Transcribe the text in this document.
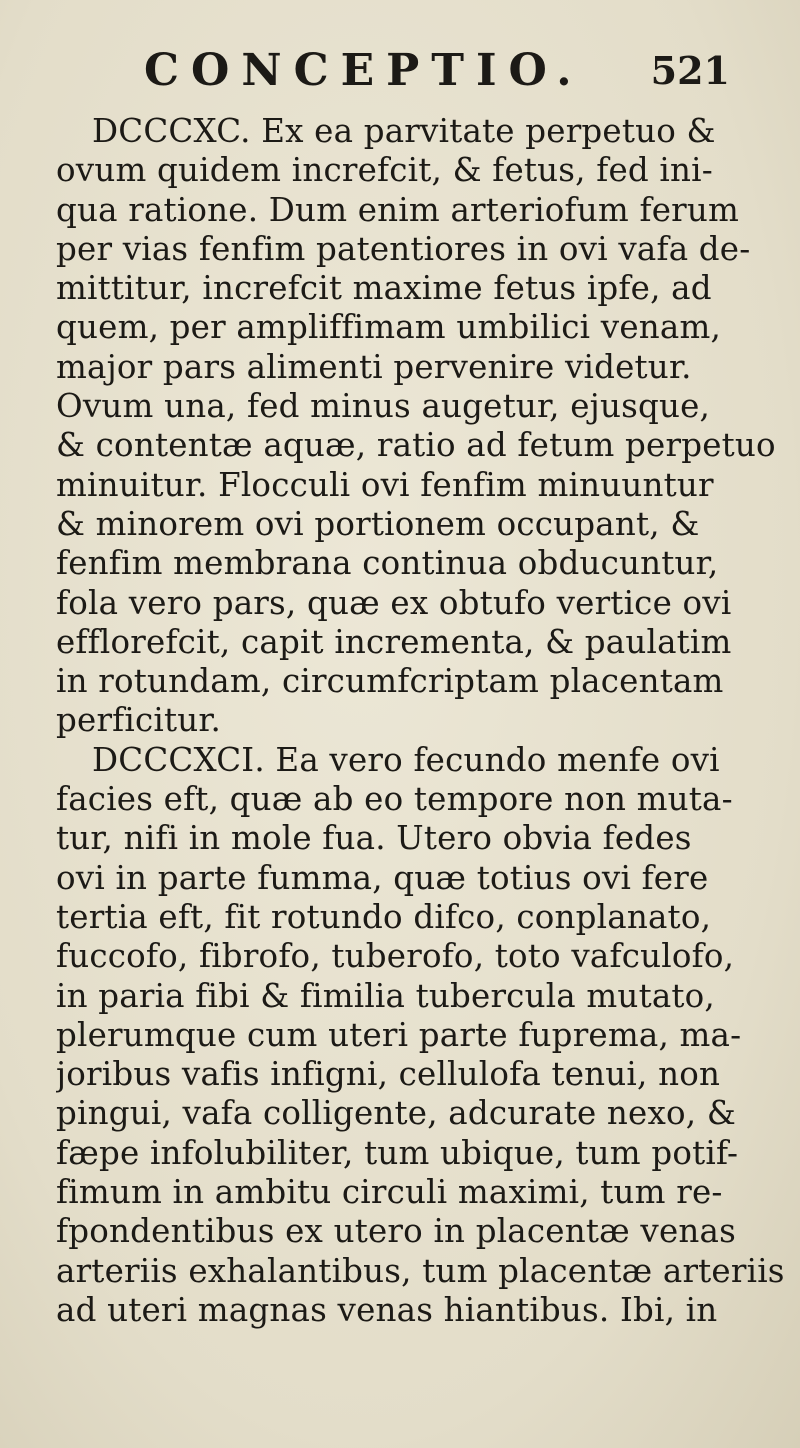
CONCEPTIO. 521
DCCCXC. Ex ea parvitate perpetuo &
ovum quidem increfcit, & fetus, fed ini-
qua ratione. Dum enim arteriofum ferum
per vias fenfim patentiores in ovi vafa de-
mittitur, increfcit maxime fetus ipfe, ad
quem, per ampliffimam umbilici venam,
major pars alimenti pervenire videtur.
Ovum una, fed minus augetur, ejusque,
& contentæ aquæ, ratio ad fetum perpetuo
minuitur. Flocculi ovi fenfim minuuntur
& minorem ovi portionem occupant, &
fenfim membrana continua obducuntur,
fola vero pars, quæ ex obtufo vertice ovi
efflorefcit, capit incrementa, & paulatim
in rotundam, circumfcriptam placentam
perficitur.
DCCCXCI. Ea vero fecundo menfe ovi
facies eft, quæ ab eo tempore non muta-
tur, nifi in mole fua. Utero obvia fedes
ovi in parte fumma, quæ totius ovi fere
tertia eft, fit rotundo difco, conplanato,
fuccofo, fibrofo, tuberofo, toto vafculofo,
in paria fibi & fimilia tubercula mutato,
plerumque cum uteri parte fuprema, ma-
joribus vafis infigni, cellulofa tenui, non
pingui, vafa colligente, adcurate nexo, &
fæpe infolubiliter, tum ubique, tum potif-
fimum in ambitu circuli maximi, tum re-
fpondentibus ex utero in placentæ venas
arteriis exhalantibus, tum placentæ arteriis
ad uteri magnas venas hiantibus. Ibi, in
